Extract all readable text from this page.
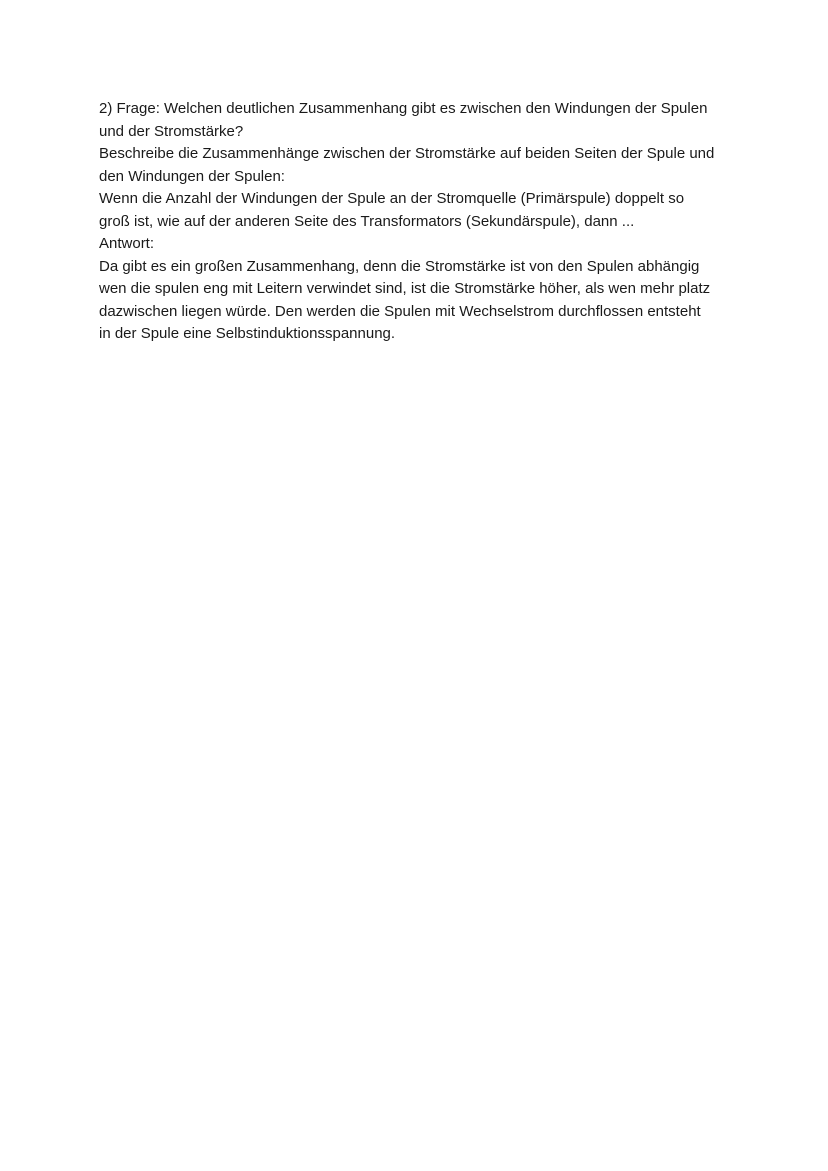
2) Frage: Welchen deutlichen Zusammenhang gibt es zwischen den Windungen der Spulen
und der Stromstärke?

Beschreibe die Zusammenhänge zwischen der Stromstärke auf beiden Seiten der Spule und
den Windungen der Spulen:

Wenn die Anzahl der Windungen der Spule an der Stromquelle (Primärspule) doppelt so
groß ist, wie auf der anderen Seite des Transformators (Sekundärspule), dann ...

Antwort:

Da gibt es ein großen Zusammenhang, denn die Stromstärke ist von den Spulen abhängig
wen die spulen eng mit Leitern verwindet sind, ist die Stromstärke höher, als wen mehr platz
dazwischen liegen würde. Den werden die Spulen mit Wechselstrom durchflossen entsteht
in der Spule eine Selbstinduktionsspannung.
